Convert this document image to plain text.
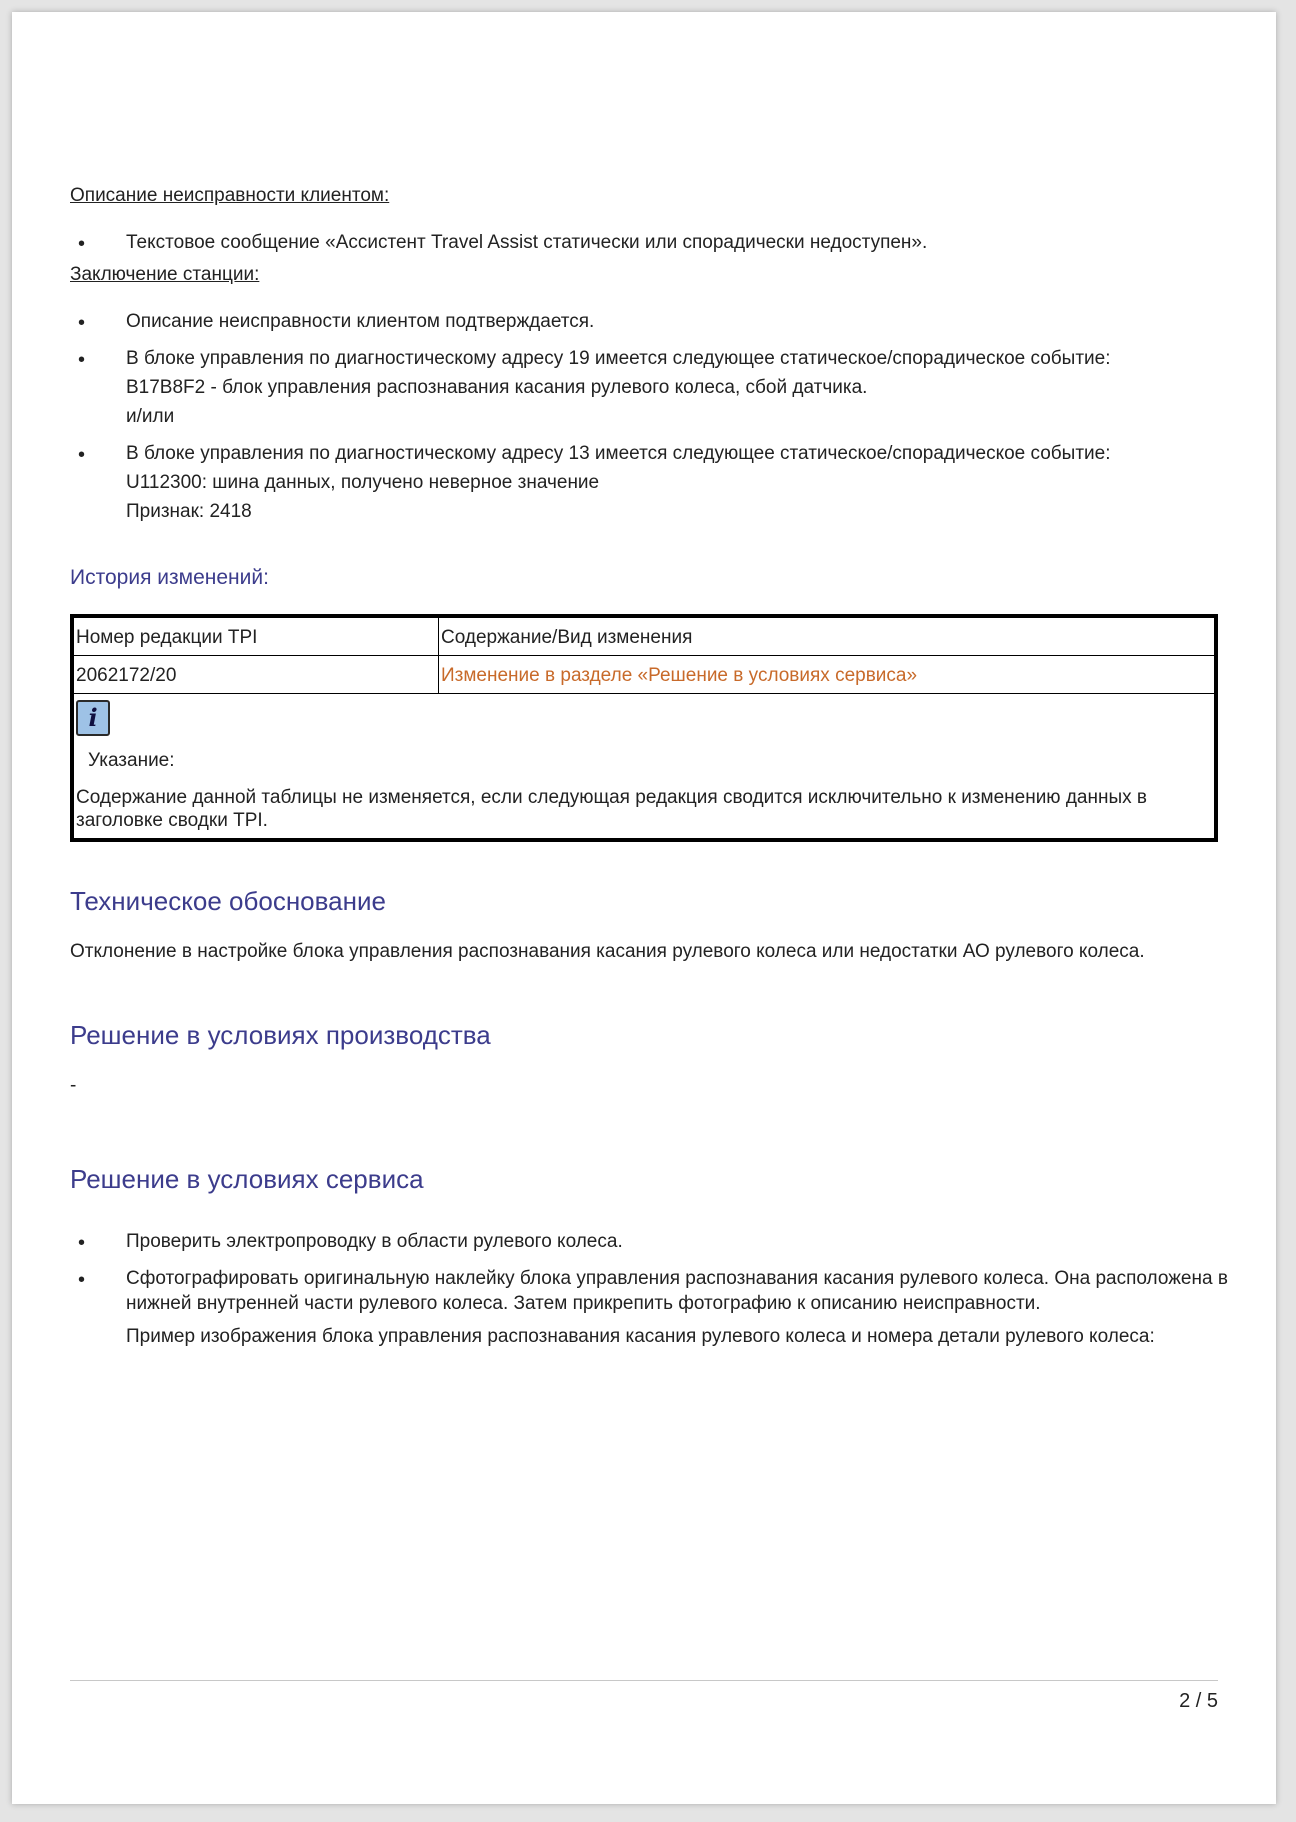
Описание неисправности клиентом:
• Текстовое сообщение «Ассистент Travel Assist статически или спорадически недоступен».
Заключение станции:
• Описание неисправности клиентом подтверждается.
• В блоке управления по диагностическому адресу 19 имеется следующее статическое/спорадическое событие:
B17B8F2 - блок управления распознавания касания рулевого колеса, сбой датчика.
и/или
• В блоке управления по диагностическому адресу 13 имеется следующее статическое/спорадическое событие:
U112300: шина данных, получено неверное значение
Признак: 2418
История изменений:
Номер редакции TPI	Содержание/Вид изменения
2062172/20	Изменение в разделе «Решение в условиях сервиса»

i
Указание:
Содержание данной таблицы не изменяется, если следующая редакция сводится исключительно к изменению данных в заголовке сводки TPI.	
Техническое обоснование

Отклонение в настройке блока управления распознавания касания рулевого колеса или недостатки АО рулевого колеса.

Решение в условиях производства

-

Решение в условиях сервиса
• Проверить электропроводку в области рулевого колеса.
• Сфотографировать оригинальную наклейку блока управления распознавания касания рулевого колеса. Она расположена в нижней внутренней части рулевого колеса. Затем прикрепить фотографию к описанию неисправности.
Пример изображения блока управления распознавания касания рулевого колеса и номера детали рулевого колеса:
2 / 5
